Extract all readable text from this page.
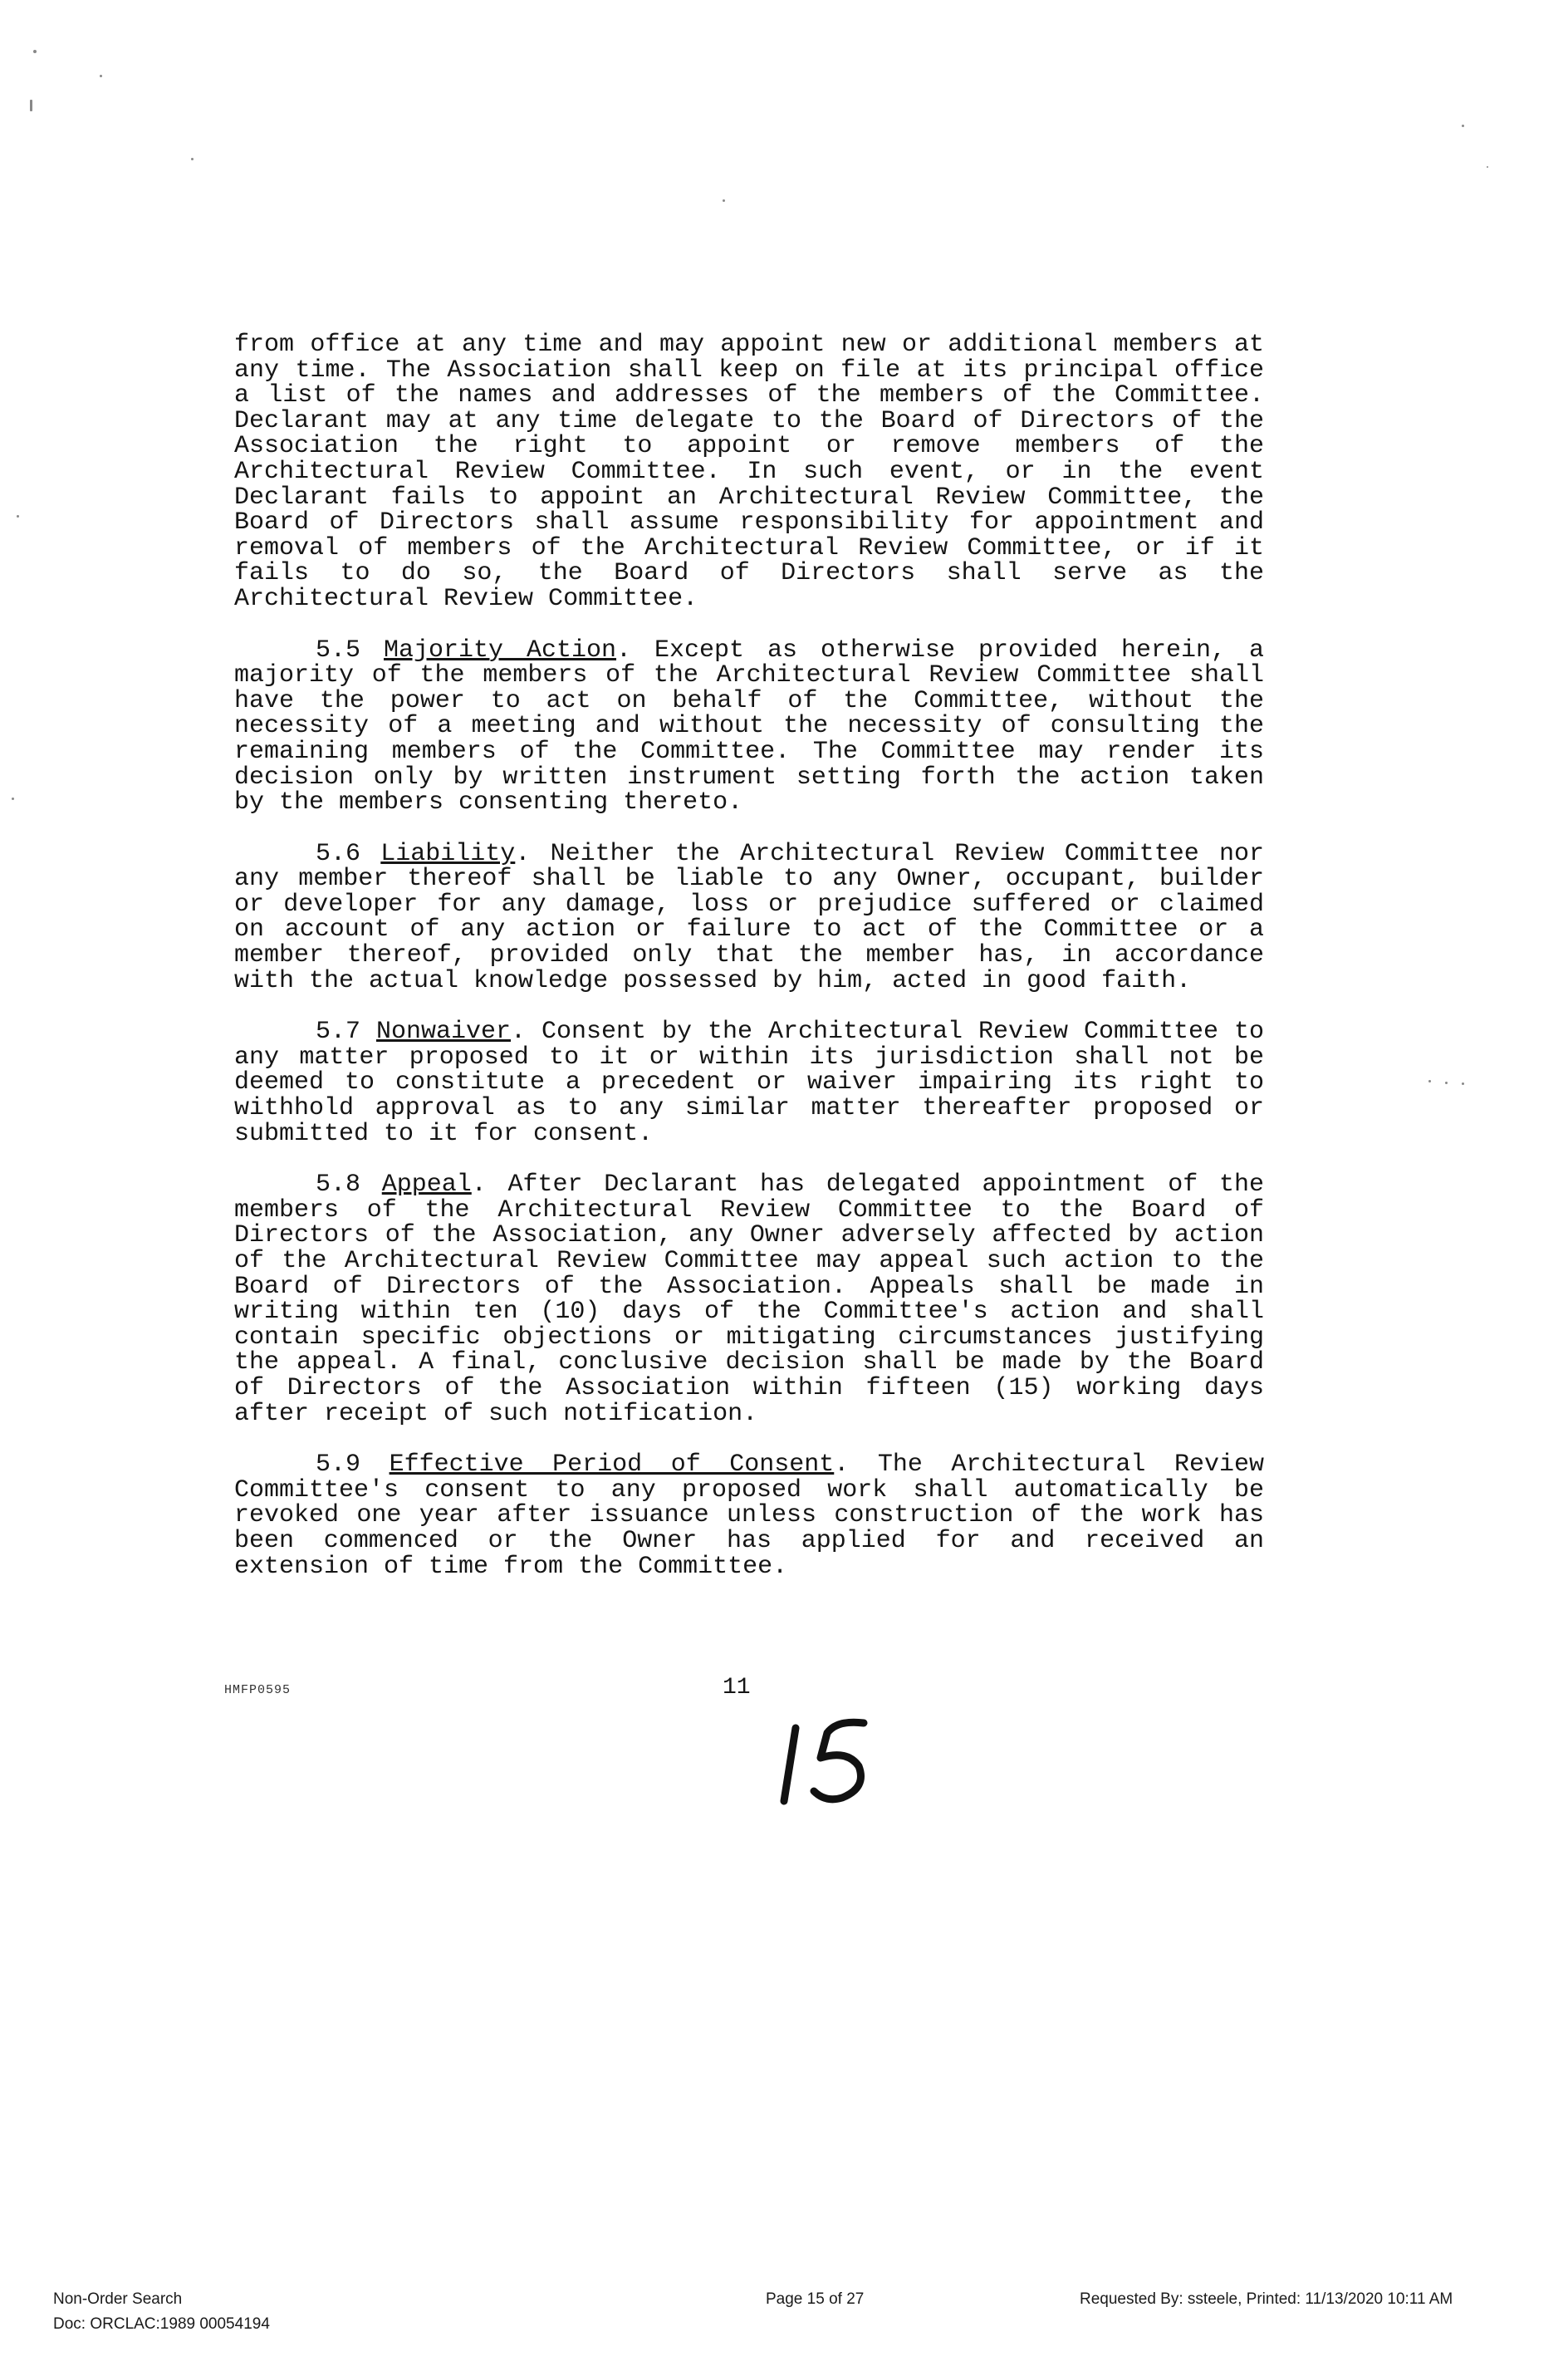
from office at any time and may appoint new or additional members at any time. The Association shall keep on file at its principal office a list of the names and addresses of the members of the Committee. Declarant may at any time delegate to the Board of Directors of the Association the right to appoint or remove members of the Architectural Review Committee. In such event, or in the event Declarant fails to appoint an Architectural Review Committee, the Board of Directors shall assume responsibility for appointment and removal of members of the Architectural Review Committee, or if it fails to do so, the Board of Directors shall serve as the Architectural Review Committee.

5.5 Majority Action. Except as otherwise provided herein, a majority of the members of the Architectural Review Committee shall have the power to act on behalf of the Committee, without the necessity of a meeting and without the necessity of consulting the remaining members of the Committee. The Committee may render its decision only by written instrument setting forth the action taken by the members consenting thereto.

5.6 Liability. Neither the Architectural Review Committee nor any member thereof shall be liable to any Owner, occupant, builder or developer for any damage, loss or prejudice suffered or claimed on account of any action or failure to act of the Committee or a member thereof, provided only that the member has, in accordance with the actual knowledge possessed by him, acted in good faith.

5.7 Nonwaiver. Consent by the Architectural Review Committee to any matter proposed to it or within its jurisdiction shall not be deemed to constitute a precedent or waiver impairing its right to withhold approval as to any similar matter thereafter proposed or submitted to it for consent.

5.8 Appeal. After Declarant has delegated appointment of the members of the Architectural Review Committee to the Board of Directors of the Association, any Owner adversely affected by action of the Architectural Review Committee may appeal such action to the Board of Directors of the Association. Appeals shall be made in writing within ten (10) days of the Committee's action and shall contain specific objections or mitigating circumstances justifying the appeal. A final, conclusive decision shall be made by the Board of Directors of the Association within fifteen (15) working days after receipt of such notification.

5.9 Effective Period of Consent. The Architectural Review Committee's consent to any proposed work shall automatically be revoked one year after issuance unless construction of the work has been commenced or the Owner has applied for and received an extension of time from the Committee.

HMFP0595	11
Non-Order Search
Doc: ORCLAC:1989 00054194
Page 15 of 27	Requested By: ssteele, Printed: 11/13/2020 10:11 AM
